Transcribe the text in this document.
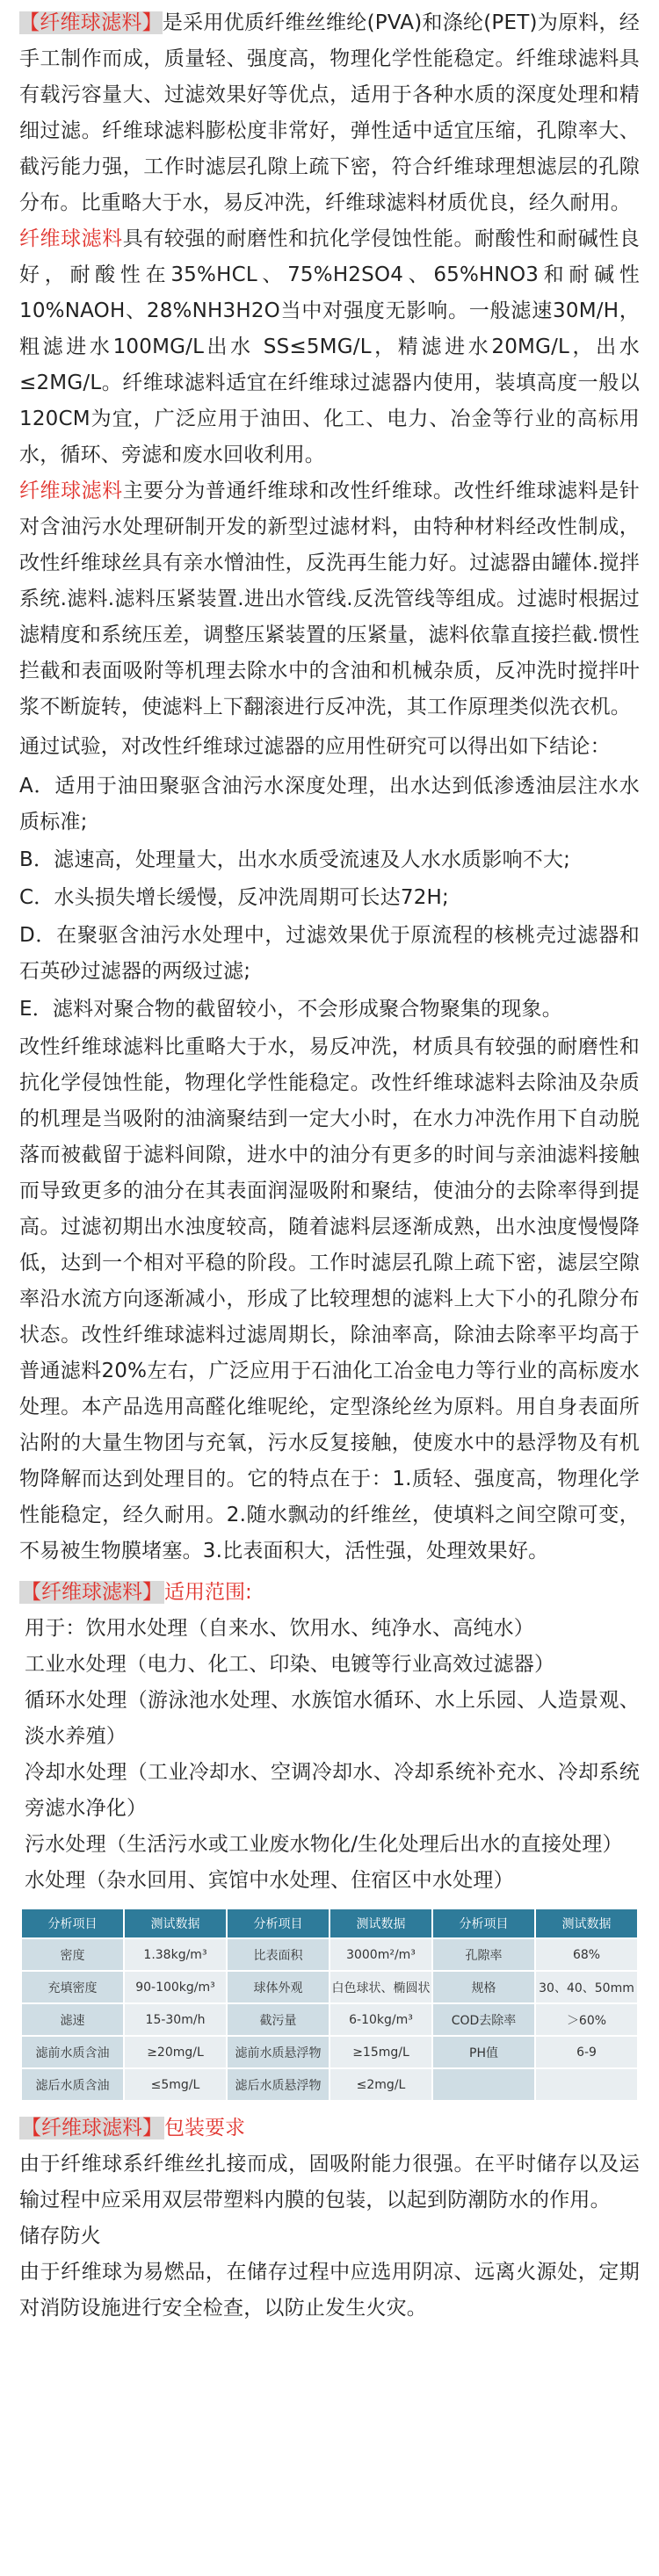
【纤维球滤料】是采用优质纤维丝维纶(PVA)和涤纶(PET)为原料，经手工制作而成，质量轻、强度高，物理化学性能稳定。纤维球滤料具有载污容量大、过滤效果好等优点，适用于各种水质的深度处理和精细过滤。纤维球滤料膨松度非常好，弹性适中适宜压缩，孔隙率大、截污能力强，工作时滤层孔隙上疏下密，符合纤维球理想滤层的孔隙分布。比重略大于水，易反冲洗，纤维球滤料材质优良，经久耐用。

纤维球滤料具有较强的耐磨性和抗化学侵蚀性能。耐酸性和耐碱性良好，耐酸性在35%HCL、75%H2SO4、65%HNO3和耐碱性10%NAOH、28%NH3H2O当中对强度无影响。一般滤速30M/H，粗滤进水100MG/L出水 SS≤5MG/L，精滤进水20MG/L，出水≤2MG/L。纤维球滤料适宜在纤维球过滤器内使用，装填高度一般以120CM为宜，广泛应用于油田、化工、电力、冶金等行业的高标用水，循环、旁滤和废水回收利用。

纤维球滤料主要分为普通纤维球和改性纤维球。改性纤维球滤料是针对含油污水处理研制开发的新型过滤材料，由特种材料经改性制成，改性纤维球丝具有亲水憎油性，反洗再生能力好。过滤器由罐体.搅拌系统.滤料.滤料压紧装置.进出水管线.反洗管线等组成。过滤时根据过滤精度和系统压差，调整压紧装置的压紧量，滤料依靠直接拦截.惯性拦截和表面吸附等机理去除水中的含油和机械杂质，反冲洗时搅拌叶浆不断旋转，使滤料上下翻滚进行反冲洗，其工作原理类似洗衣机。

通过试验，对改性纤维球过滤器的应用性研究可以得出如下结论：

A．适用于油田聚驱含油污水深度处理，出水达到低渗透油层注水水质标准;

B．滤速高，处理量大，出水水质受流速及人水水质影响不大;

C．水头损失增长缓慢，反冲洗周期可长达72H;

D．在聚驱含油污水处理中，过滤效果优于原流程的核桃壳过滤器和石英砂过滤器的两级过滤;

E．滤料对聚合物的截留较小，不会形成聚合物聚集的现象。

改性纤维球滤料比重略大于水，易反冲洗，材质具有较强的耐磨性和抗化学侵蚀性能，物理化学性能稳定。改性纤维球滤料去除油及杂质的机理是当吸附的油滴聚结到一定大小时，在水力冲洗作用下自动脱落而被截留于滤料间隙，进水中的油分有更多的时间与亲油滤料接触而导致更多的油分在其表面润湿吸附和聚结，使油分的去除率得到提高。过滤初期出水浊度较高，随着滤料层逐渐成熟，出水浊度慢慢降低，达到一个相对平稳的阶段。工作时滤层孔隙上疏下密，滤层空隙率沿水流方向逐渐减小，形成了比较理想的滤料上大下小的孔隙分布状态。改性纤维球滤料过滤周期长，除油率高，除油去除率平均高于普通滤料20%左右，广泛应用于石油化工冶金电力等行业的高标废水处理。本产品选用高醛化维呢纶，定型涤纶丝为原料。用自身表面所沾附的大量生物团与充氧，污水反复接触，使废水中的悬浮物及有机物降解而达到处理目的。它的特点在于：1.质轻、强度高，物理化学性能稳定，经久耐用。2.随水飘动的纤维丝，使填料之间空隙可变，不易被生物膜堵塞。3.比表面积大，活性强，处理效果好。

【纤维球滤料】适用范围:

用于：饮用水处理（自来水、饮用水、纯净水、高纯水）

工业水处理（电力、化工、印染、电镀等行业高效过滤器）

循环水处理（游泳池水处理、水族馆水循环、水上乐园、人造景观、淡水养殖）

冷却水处理（工业冷却水、空调冷却水、冷却系统补充水、冷却系统旁滤水净化）

污水处理（生活污水或工业废水物化/生化处理后出水的直接处理）

水处理（杂水回用、宾馆中水处理、住宿区中水处理）

分析项目	测试数据	分析项目	测试数据	分析项目	测试数据
密度	1.38kg/m³	比表面积	3000m²/m³	孔隙率	68%
充填密度	90-100kg/m³	球体外观	白色球状、椭圆状	规格	30、40、50mm
滤速	15-30m/h	截污量	6-10kg/m³	COD去除率	＞60%
滤前水质含油	≥20mg/L	滤前水质悬浮物	≥15mg/L	PH值	6-9
滤后水质含油	≤5mg/L	滤后水质悬浮物	≤2mg/L		

【纤维球滤料】包装要求

由于纤维球系纤维丝扎接而成，固吸附能力很强。在平时储存以及运输过程中应采用双层带塑料内膜的包装，以起到防潮防水的作用。

储存防火

由于纤维球为易燃品，在储存过程中应选用阴凉、远离火源处，定期对消防设施进行安全检查，以防止发生火灾。
